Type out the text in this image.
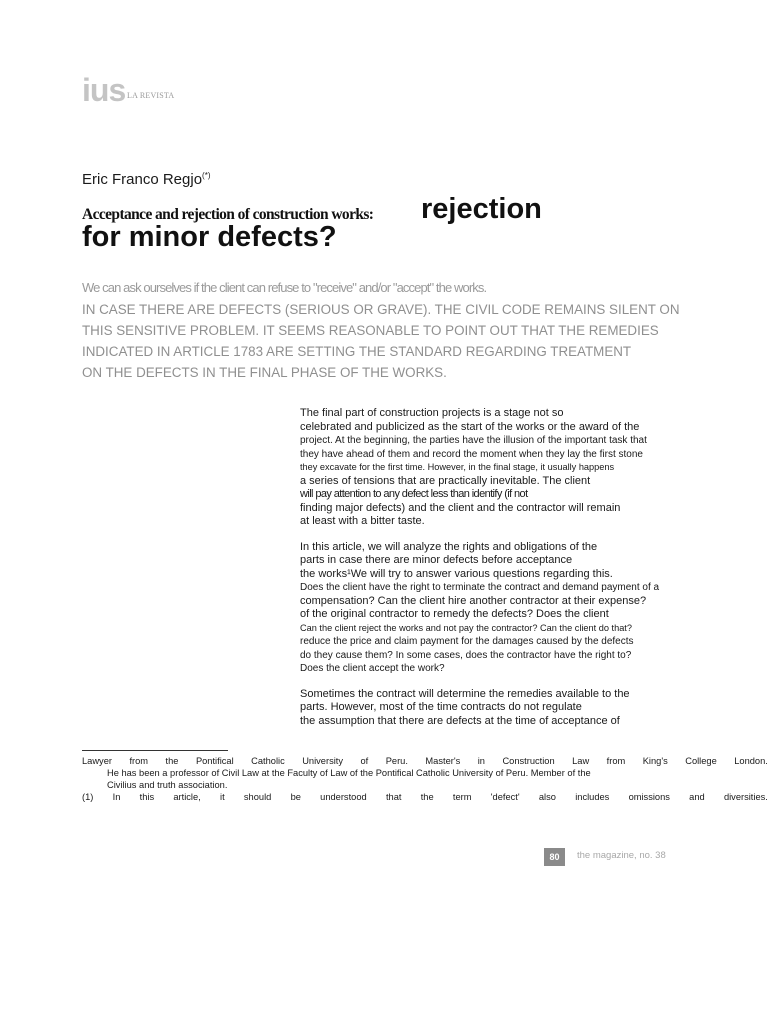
ius LA REVISTA
Eric Franco Regjo(*)
Acceptance and rejection of construction works: rejection
for minor defects?
We can ask ourselves if the client can refuse to "receive" and/or "accept" the works.
IN CASE THERE ARE DEFECTS (SERIOUS OR GRAVE). THE CIVIL CODE REMAINS SILENT ON
THIS SENSITIVE PROBLEM. IT SEEMS REASONABLE TO POINT OUT THAT THE REMEDIES
INDICATED IN ARTICLE 1783 ARE SETTING THE STANDARD REGARDING TREATMENT
ON THE DEFECTS IN THE FINAL PHASE OF THE WORKS.
The final part of construction projects is a stage not so
celebrated and publicized as the start of the works or the award of the
project. At the beginning, the parties have the illusion of the important task that
they have ahead of them and record the moment when they lay the first stone
they excavate for the first time. However, in the final stage, it usually happens
a series of tensions that are practically inevitable. The client
will pay attention to any defect less than identify (if not
finding major defects) and the client and the contractor will remain
at least with a bitter taste.
In this article, we will analyze the rights and obligations of the
parts in case there are minor defects before acceptance
the works¹We will try to answer various questions regarding this.
Does the client have the right to terminate the contract and demand payment of a
compensation? Can the client hire another contractor at their expense?
of the original contractor to remedy the defects? Does the client
Can the client reject the works and not pay the contractor? Can the client do that?
reduce the price and claim payment for the damages caused by the defects
do they cause them? In some cases, does the contractor have the right to?
Does the client accept the work?
Sometimes the contract will determine the remedies available to the
parts. However, most of the time contracts do not regulate
the assumption that there are defects at the time of acceptance of
Lawyer from the Pontifical Catholic University of Peru. Master's in Construction Law from King's College London.
He has been a professor of Civil Law at the Faculty of Law of the Pontifical Catholic University of Peru. Member of the
Civilius and truth association.
(1) In this article, it should be understood that the term 'defect' also includes omissions and diversities.
80	the magazine, no. 38
